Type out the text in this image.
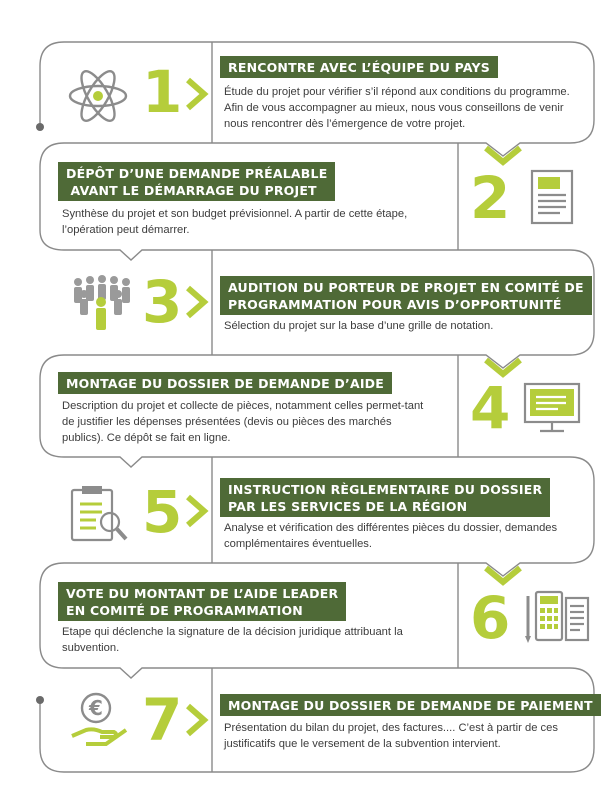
1	RENCONTRE AVEC L’ÉQUIPE DU PAYS
Étude du projet pour vérifier s’il répond aux conditions du programme. Afin de vous accompagner au mieux, nous vous conseillons de venir nous rencontrer dès l’émergence de votre projet.
DÉPÔT D’UNE DEMANDE PRÉALABLE
AVANT LE DÉMARRAGE DU PROJET
Synthèse du projet et son budget prévisionnel. A partir de cette étape, l’opération peut démarrer.	2
3	AUDITION DU PORTEUR DE PROJET EN COMITÉ DE
PROGRAMMATION POUR AVIS D’OPPORTUNITÉ
Sélection du projet sur la base d’une grille de notation.
MONTAGE DU DOSSIER DE DEMANDE D’AIDE
Description du projet et collecte de pièces, notamment celles permet-tant de justifier les dépenses présentées (devis ou pièces des marchés publics). Ce dépôt se fait en ligne.	4
5	INSTRUCTION RÈGLEMENTAIRE DU DOSSIER
PAR LES SERVICES DE LA RÉGION
Analyse et vérification des différentes pièces du dossier, demandes complémentaires éventuelles.
VOTE DU MONTANT DE L’AIDE LEADER
EN COMITÉ DE PROGRAMMATION
Etape qui déclenche la signature de la décision juridique attribuant la subvention.	6
€ 7	MONTAGE DU DOSSIER DE DEMANDE DE PAIEMENT
Présentation du bilan du projet, des factures.... C’est à partir de ces justificatifs que le versement de la subvention intervient.
